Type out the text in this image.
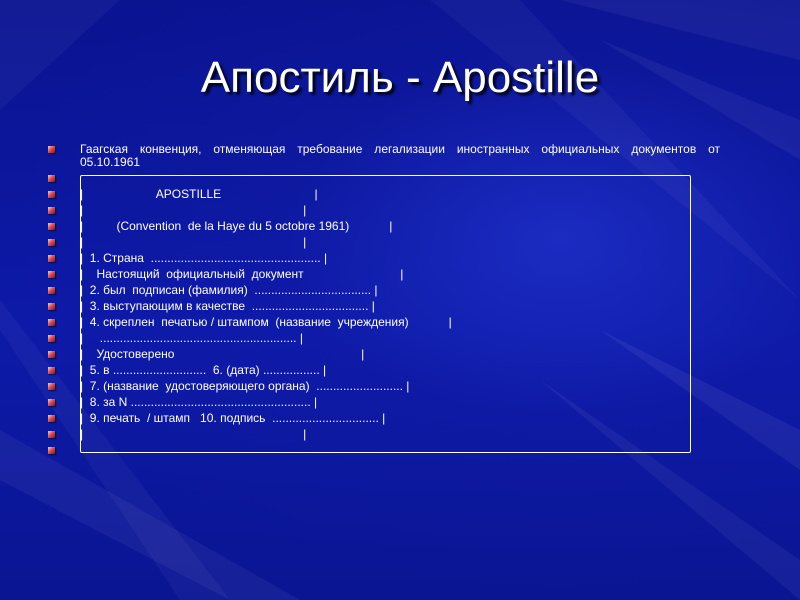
Апостиль - Apostille
Гаагская конвенция, отменяющая требование легализации иностранных официальных документов от 05.10.1961
|                      APOSTILLE                            |
|                                                                  |
|          (Convention  de la Haye du 5 octobre 1961)            |
|                                                                  |
|  1. Страна  ................................................... |
|    Настоящий  официальный  документ                             |
|  2. был  подписан (фамилия)  ................................... |
|  3. выступающим в качестве  ................................... |
|  4. скреплен  печатью / штампом  (название  учреждения)            |
|     ........................................................... |
|    Удостоверено                                                        |
|  5. в ............................  6. (дата) ................. |
|  7. (название  удостоверяющего органа)  .......................... |
|  8. за N ...................................................... |
|  9. печать  / штамп   10. подпись  ................................ |
|                                                                  |
